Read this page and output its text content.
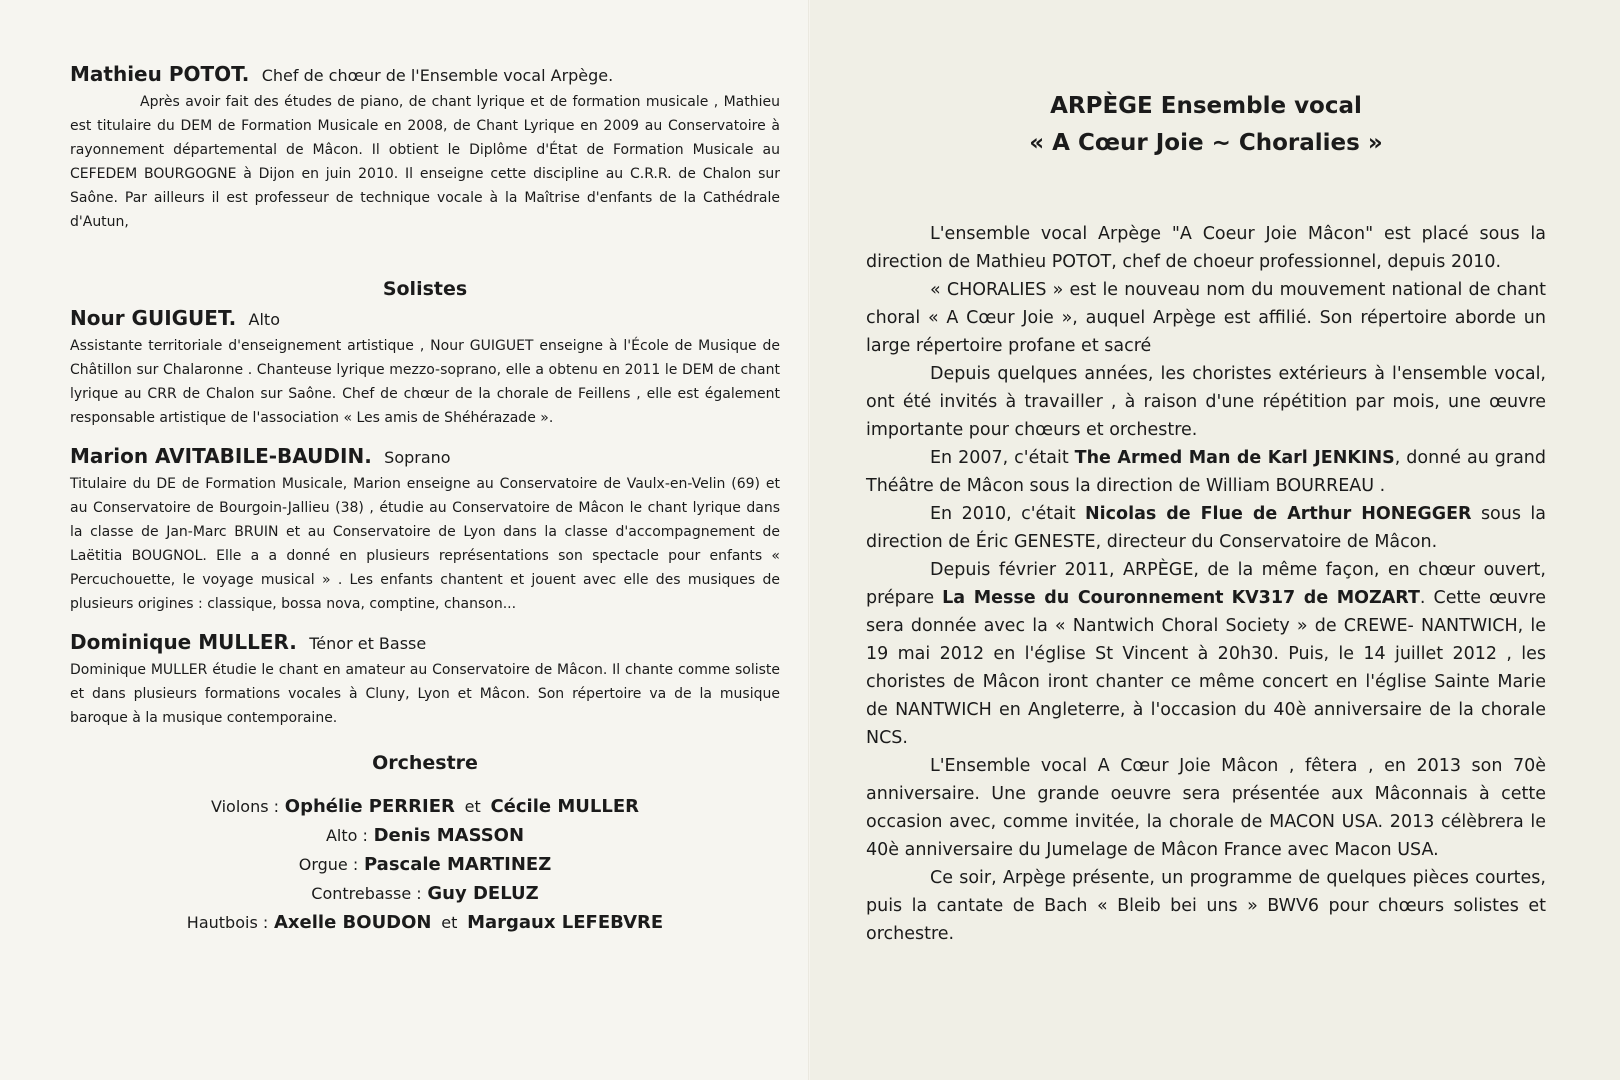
Mathieu POTOT. Chef de chœur de l'Ensemble vocal Arpège.

Après avoir fait des études de piano, de chant lyrique et de formation musicale , Mathieu est titulaire du DEM de Formation Musicale en 2008, de Chant Lyrique en 2009 au Conservatoire à rayonnement départemental de Mâcon. Il obtient le Diplôme d'État de Formation Musicale au CEFEDEM BOURGOGNE à Dijon en juin 2010. Il enseigne cette discipline au C.R.R. de Chalon sur Saône. Par ailleurs il est professeur de technique vocale à la Maîtrise d'enfants de la Cathédrale d'Autun,

Solistes

Nour GUIGUET. Alto

Assistante territoriale d'enseignement artistique , Nour GUIGUET enseigne à l'École de Musique de Châtillon sur Chalaronne . Chanteuse lyrique mezzo-soprano, elle a obtenu en 2011 le DEM de chant lyrique au CRR de Chalon sur Saône. Chef de chœur de la chorale de Feillens , elle est également responsable artistique de l'association « Les amis de Shéhérazade ».

Marion AVITABILE-BAUDIN. Soprano

Titulaire du DE de Formation Musicale, Marion enseigne au Conservatoire de Vaulx-en-Velin (69) et au Conservatoire de Bourgoin-Jallieu (38) , étudie au Conservatoire de Mâcon le chant lyrique dans la classe de Jan-Marc BRUIN et au Conservatoire de Lyon dans la classe d'accompagnement de Laëtitia BOUGNOL. Elle a a donné en plusieurs représentations son spectacle pour enfants « Percuchouette, le voyage musical » . Les enfants chantent et jouent avec elle des musiques de plusieurs origines : classique, bossa nova, comptine, chanson...

Dominique MULLER. Ténor et Basse

Dominique MULLER étudie le chant en amateur au Conservatoire de Mâcon. Il chante comme soliste et dans plusieurs formations vocales à Cluny, Lyon et Mâcon. Son répertoire va de la musique baroque à la musique contemporaine.

Orchestre
Violons : Ophélie PERRIER et Cécile MULLER
Alto : Denis MASSON
Orgue : Pascale MARTINEZ
Contrebasse : Guy DELUZ
Hautbois : Axelle BOUDON et Margaux LEFEBVRE

ARPÈGE Ensemble vocal

« A Cœur Joie ~ Choralies »

L'ensemble vocal Arpège "A Coeur Joie Mâcon" est placé sous la direction de Mathieu POTOT, chef de choeur professionnel, depuis 2010.

« CHORALIES » est le nouveau nom du mouvement national de chant choral « A Cœur Joie », auquel Arpège est affilié. Son répertoire aborde un large répertoire profane et sacré

Depuis quelques années, les choristes extérieurs à l'ensemble vocal, ont été invités à travailler , à raison d'une répétition par mois, une œuvre importante pour chœurs et orchestre.

En 2007, c'était The Armed Man de Karl JENKINS, donné au grand Théâtre de Mâcon sous la direction de William BOURREAU .

En 2010, c'était Nicolas de Flue de Arthur HONEGGER sous la direction de Éric GENESTE, directeur du Conservatoire de Mâcon.

Depuis février 2011, ARPÈGE, de la même façon, en chœur ouvert, prépare La Messe du Couronnement KV317 de MOZART. Cette œuvre sera donnée avec la « Nantwich Choral Society » de CREWE- NANTWICH, le 19 mai 2012 en l'église St Vincent à 20h30. Puis, le 14 juillet 2012 , les choristes de Mâcon iront chanter ce même concert en l'église Sainte Marie de NANTWICH en Angleterre, à l'occasion du 40è anniversaire de la chorale NCS.

L'Ensemble vocal A Cœur Joie Mâcon , fêtera , en 2013 son 70è anniversaire. Une grande oeuvre sera présentée aux Mâconnais à cette occasion avec, comme invitée, la chorale de MACON USA. 2013 célèbrera le 40è anniversaire du Jumelage de Mâcon France avec Macon USA.

Ce soir, Arpège présente, un programme de quelques pièces courtes, puis la cantate de Bach « Bleib bei uns » BWV6 pour chœurs solistes et orchestre.
